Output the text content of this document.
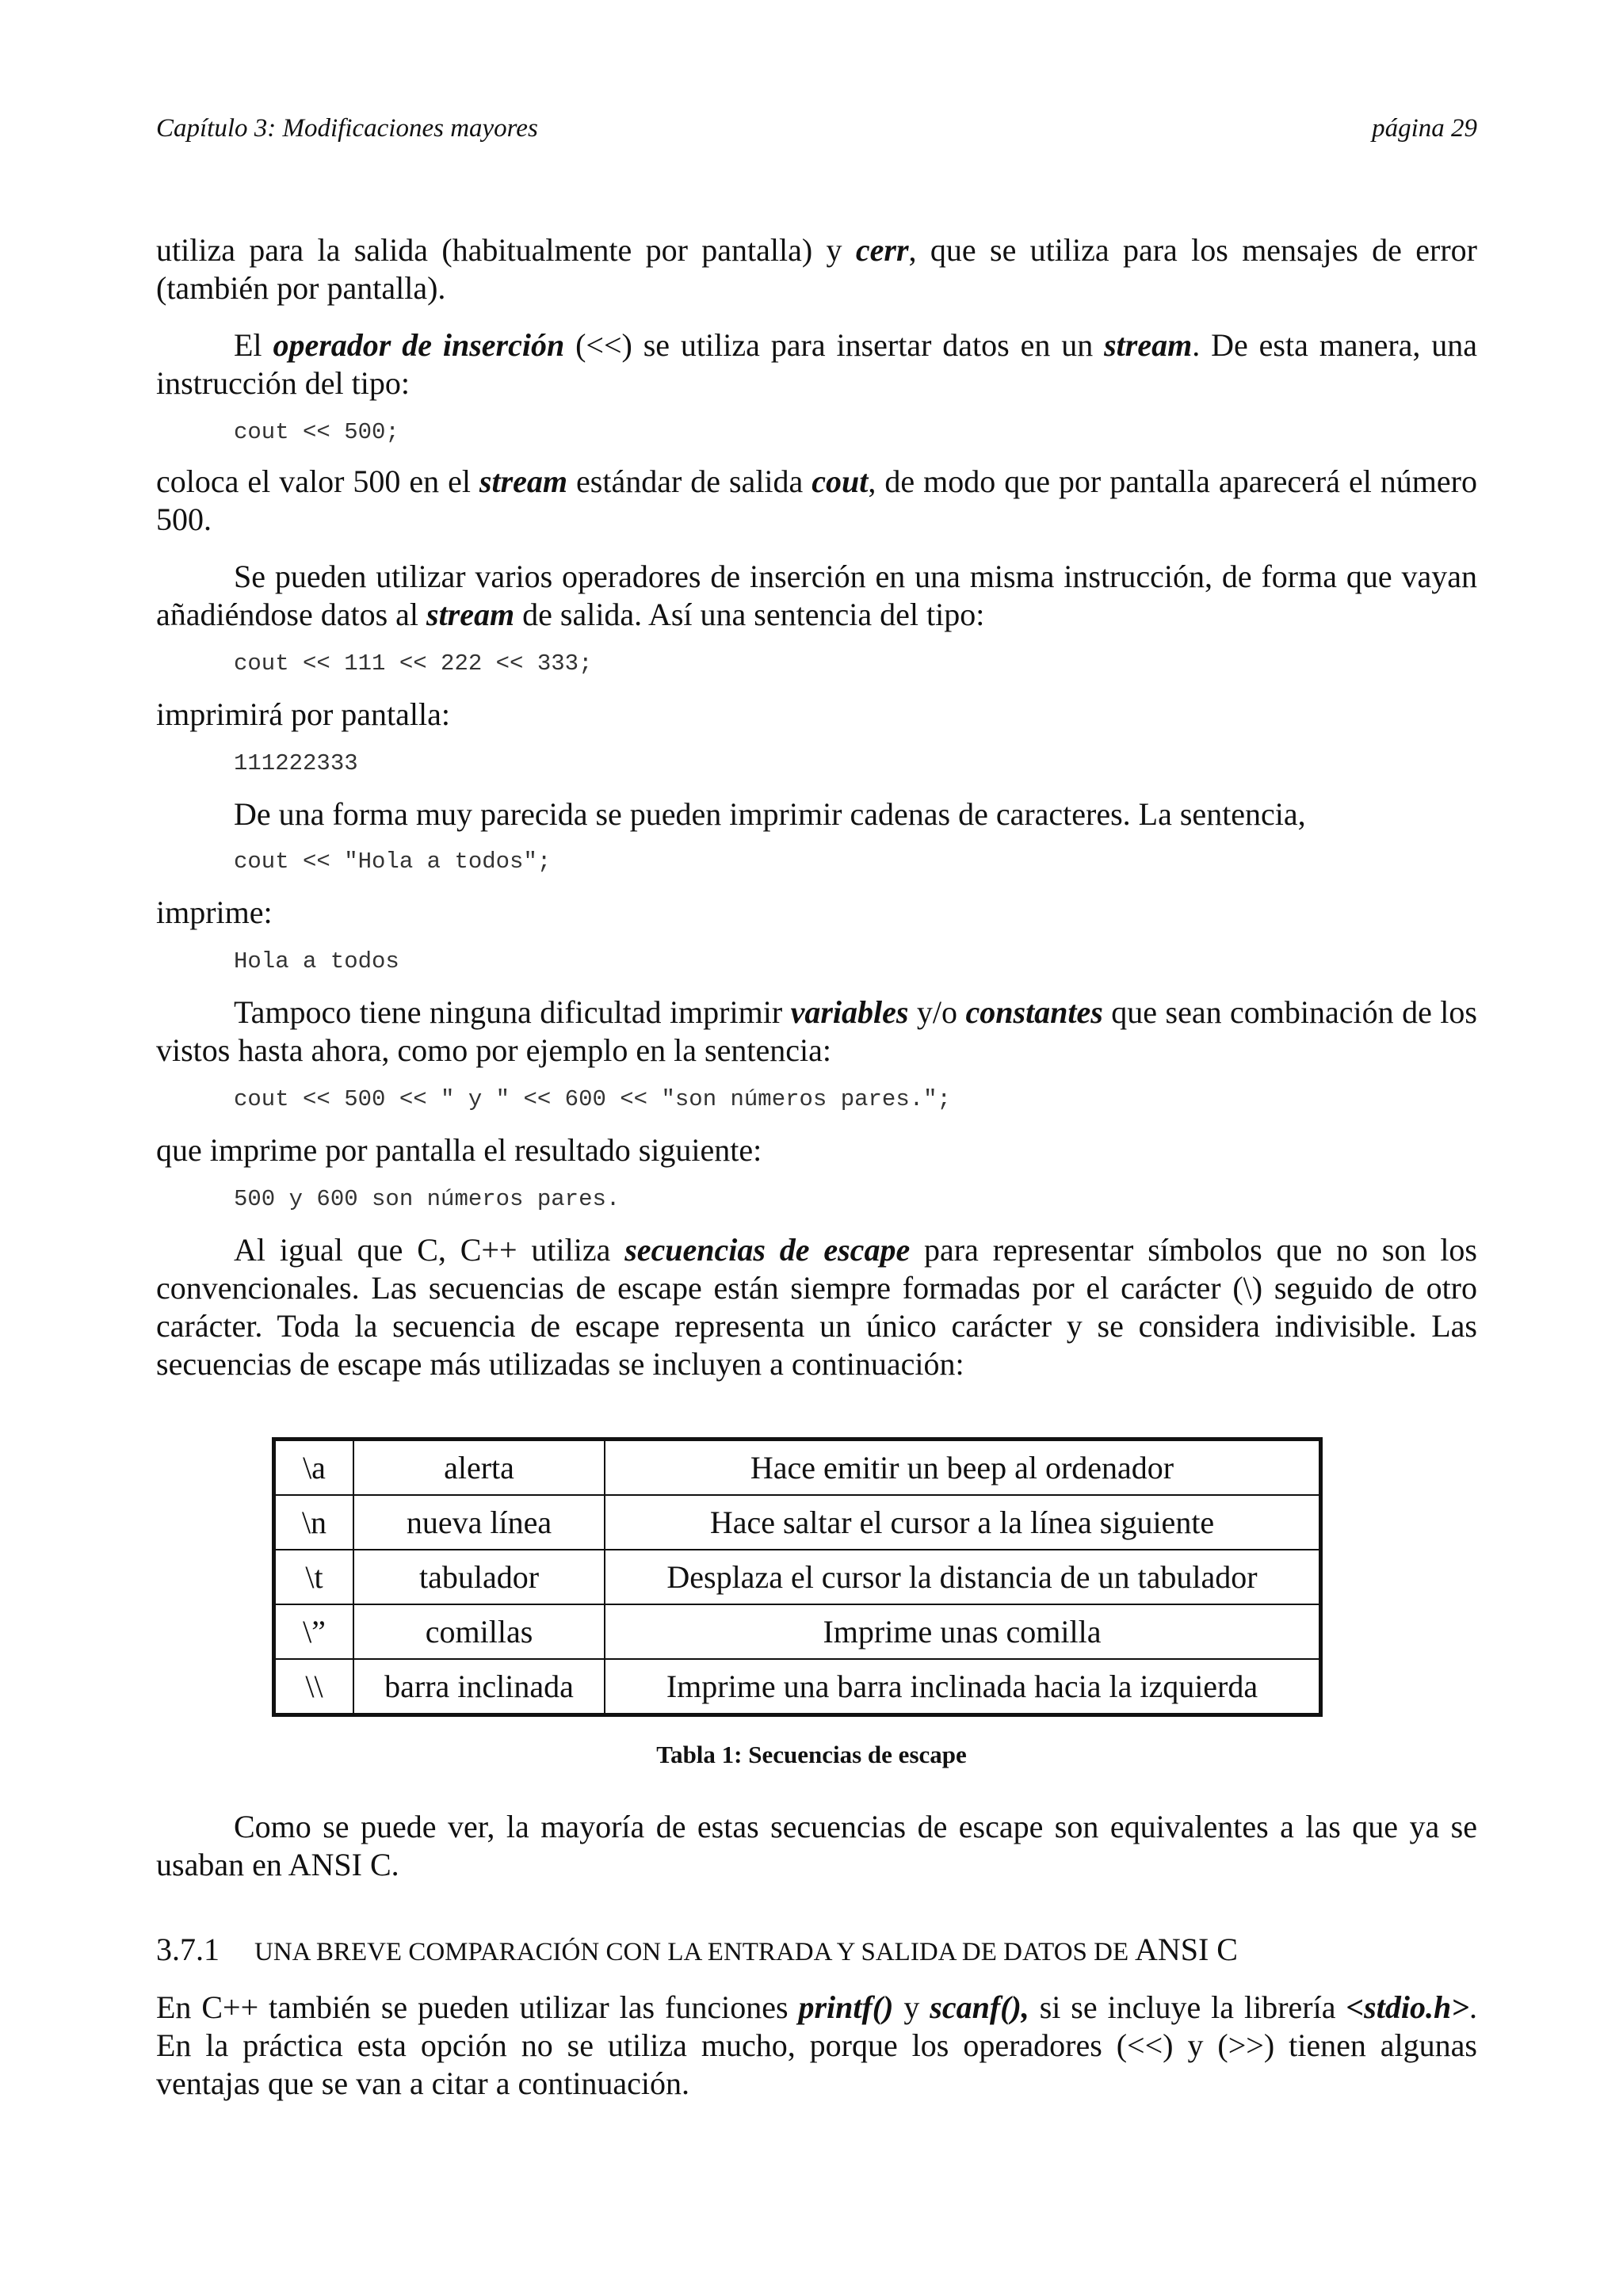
Capítulo 3: Modificaciones mayores	página 29

utiliza para la salida (habitualmente por pantalla) y cerr, que se utiliza para los mensajes de error (también por pantalla).

El operador de inserción (<<) se utiliza para insertar datos en un stream. De esta manera, una instrucción del tipo:

cout << 500;

coloca el valor 500 en el stream estándar de salida cout, de modo que por pantalla aparecerá el número 500.

Se pueden utilizar varios operadores de inserción en una misma instrucción, de forma que vayan añadiéndose datos al stream de salida. Así una sentencia del tipo:

cout << 111 << 222 << 333;

imprimirá por pantalla:

111222333

De una forma muy parecida se pueden imprimir cadenas de caracteres. La sentencia,

cout << "Hola a todos";

imprime:

Hola a todos

Tampoco tiene ninguna dificultad imprimir variables y/o constantes que sean combinación de los vistos hasta ahora, como por ejemplo en la sentencia:

cout << 500 << " y " << 600 << "son números pares.";

que imprime por pantalla el resultado siguiente:

500 y 600 son números pares.

Al igual que C, C++ utiliza secuencias de escape para representar símbolos que no son los convencionales. Las secuencias de escape están siempre formadas por el carácter (\) seguido de otro carácter. Toda la secuencia de escape representa un único carácter y se considera indivisible. Las secuencias de escape más utilizadas se incluyen a continuación:

Como se puede ver, la mayoría de estas secuencias de escape son equivalentes a las que ya se usaban en ANSI C.

3.7.1 UNA BREVE COMPARACIÓN CON LA ENTRADA Y SALIDA DE DATOS DE ANSI C

En C++ también se pueden utilizar las funciones printf() y scanf(), si se incluye la librería <stdio.h>. En la práctica esta opción no se utiliza mucho, porque los operadores (<<) y (>>) tienen algunas ventajas que se van a citar a continuación.

\a	alerta	Hace emitir un beep al ordenador
\n	nueva línea	Hace saltar el cursor a la línea siguiente
\t	tabulador	Desplaza el cursor la distancia de un tabulador
\”	comillas	Imprime unas comilla
\\	barra inclinada	Imprime una barra inclinada hacia la izquierda
Tabla 1: Secuencias de escape
